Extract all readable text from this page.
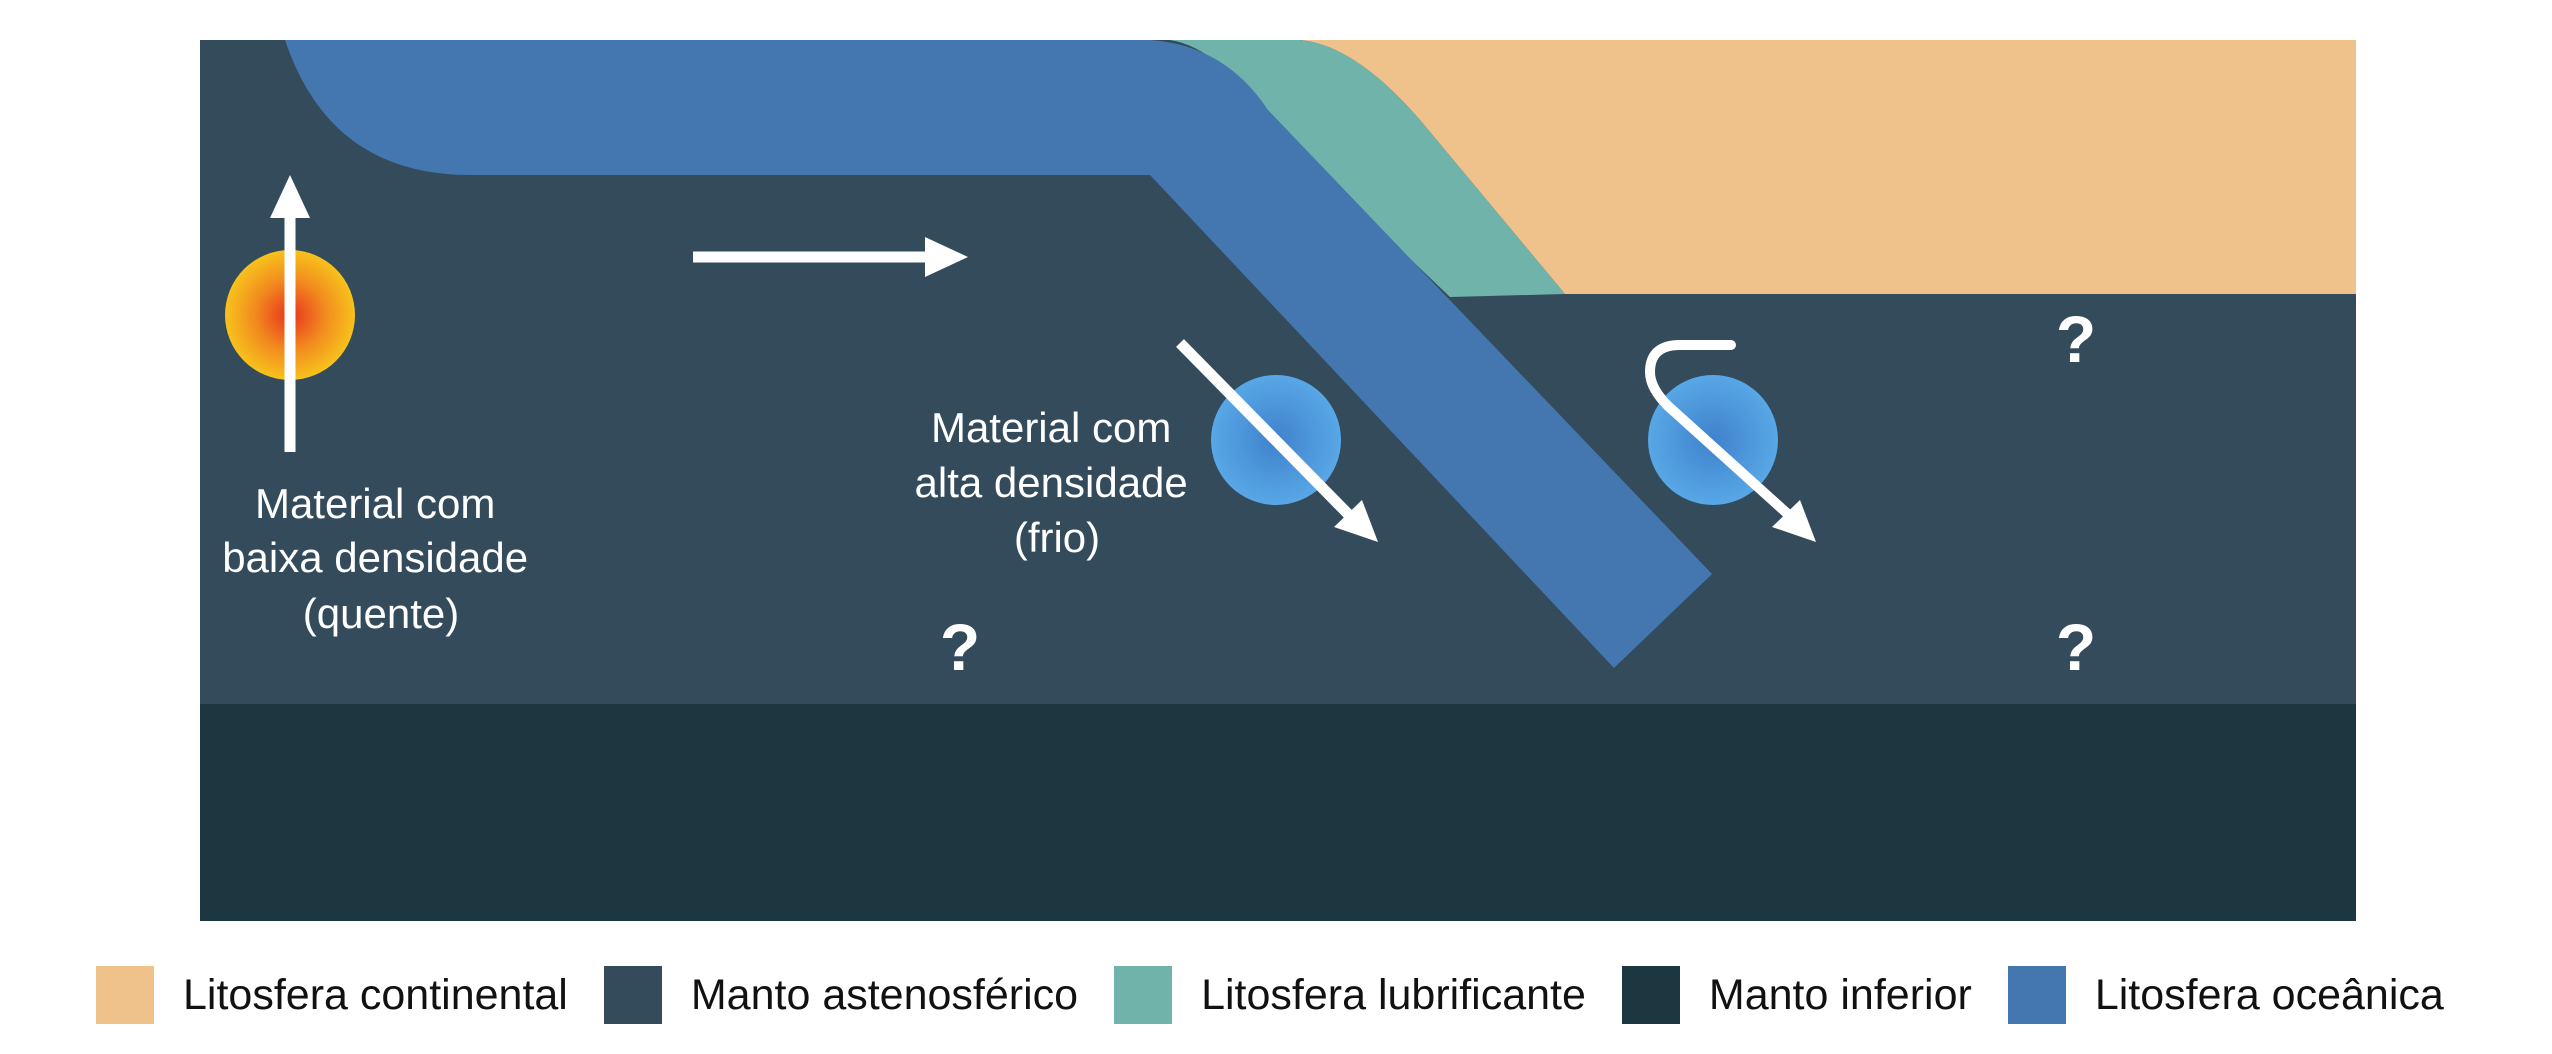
Material com baixa densidade (quente)
Material com alta densidade (frio)
?
?	?
Litosfera continental	Manto astenosférico	Litosfera lubrificante	Manto inferior	Litosfera oceânica
